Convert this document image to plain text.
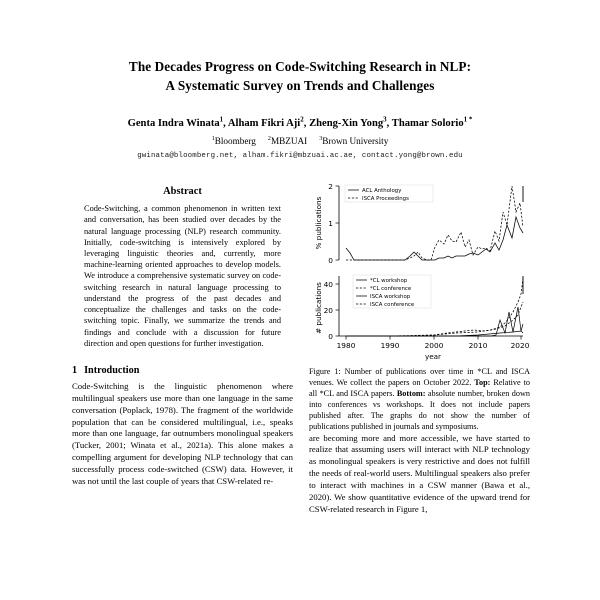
The Decades Progress on Code-Switching Research in NLP:
A Systematic Survey on Trends and Challenges
Genta Indra Winata$^1$, Alham Fikri Aji$^2$, Zheng-Xin Yong$^3$, Thamar Solorio$^{1 *}$
$^1$Bloomberg $^2$MBZUAI $^3$Brown University
gwinata@bloomberg.net, alham.fikri@mbzuai.ac.ae, contact.yong@brown.edu
Abstract
Code-Switching, a common phenomenon in written text and conversation, has been studied over decades by the natural language processing (NLP) research community. Initially, code-switching is intensively explored by leveraging linguistic theories and, currently, more machine-learning oriented approaches to develop models. We introduce a comprehensive systematic survey on code-switching research in natural language processing to understand the progress of the past decades and conceptualize the challenges and tasks on the code-switching topic. Finally, we summarize the trends and findings and conclude with a discussion for future direction and open questions for further investigation.
1 Introduction

Code-Switching is the linguistic phenomenon where multilingual speakers use more than one language in the same conversation (Poplack, 1978). The fragment of the worldwide population that can be considered multilingual, i.e., speaks more than one language, far outnumbers monolingual speakers (Tucker, 2001; Winata et al., 2021a). This alone makes a compelling argument for developing NLP technology that can successfully process code-switched (CSW) data. However, it was not until the last couple of years that CSW-related re-

2
1
0
% publications
ACL Anthology
ISCA Proceedings
40
20
0
1980	1990	2000	2010	2020
# publications
year
*CL workshop
*CL conference
ISCA workshop
ISCA conference
Figure 1: Number of publications over time in *CL and ISCA venues. We collect the papers on October 2022. Top: Relative to all *CL and ISCA papers. Bottom: absolute number, broken down into conferences vs workshops. It does not include papers published after. The graphs do not show the number of publications published in journals and symposiums.

are becoming more and more accessible, we have started to realize that assuming users will interact with NLP technology as monolingual speakers is very restrictive and does not fulfill the needs of real-world users. Multilingual speakers also prefer to interact with machines in a CSW manner (Bawa et al., 2020). We show quantitative evidence of the upward trend for CSW-related research in Figure 1,
